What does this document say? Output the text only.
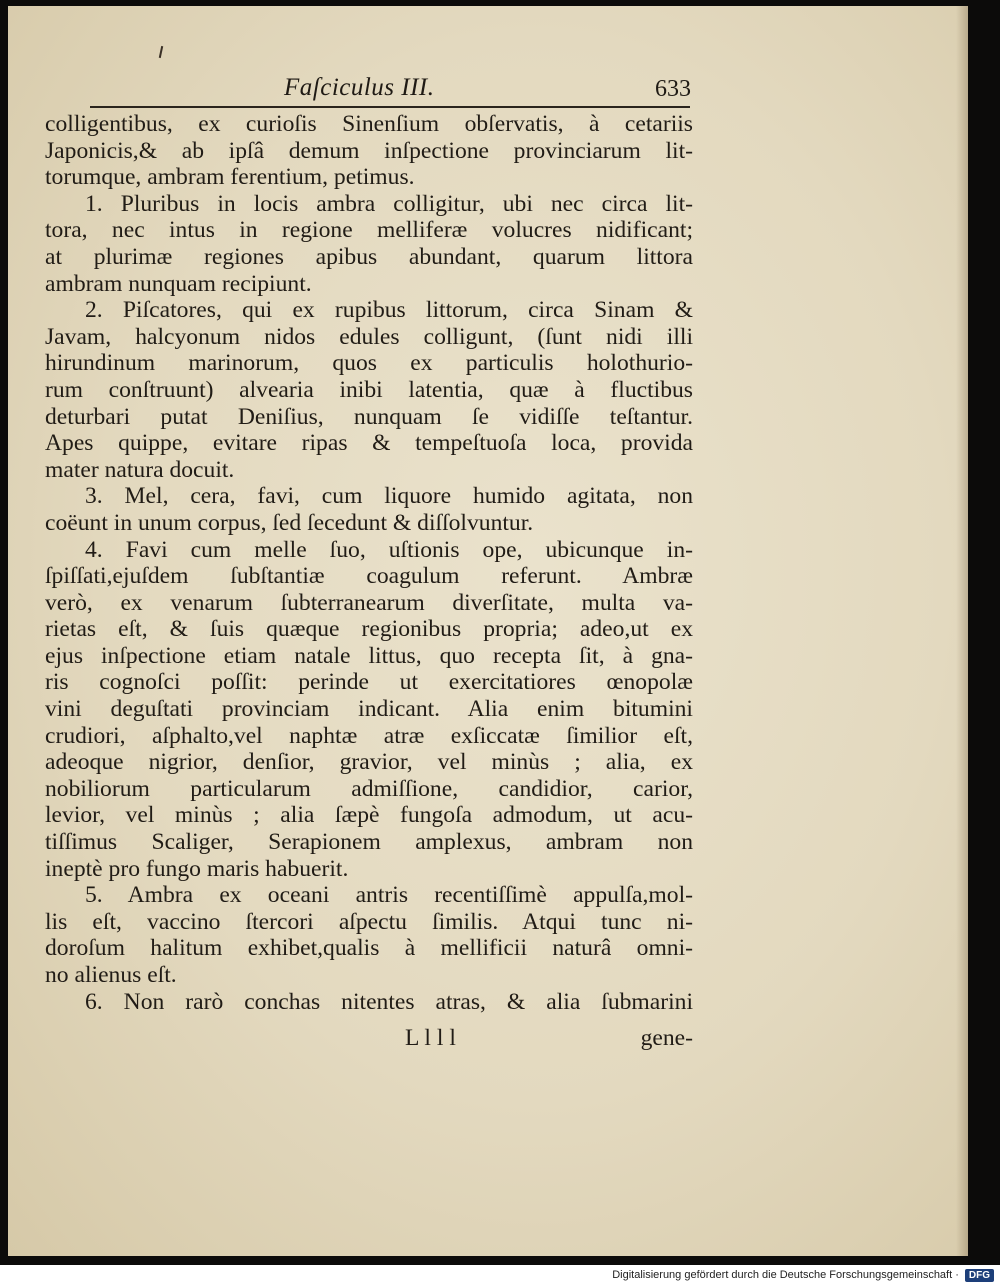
Faſciculus III.	633
colligentibus, ex curioſis Sinenſium obſervatis, à cetariis
Japonicis,& ab ipſâ demum inſpectione provinciarum lit-
torumque, ambram ferentium, petimus.
1. Pluribus in locis ambra colligitur, ubi nec circa lit-
tora, nec intus in regione melliferæ volucres nidificant;
at plurimæ regiones apibus abundant, quarum littora
ambram nunquam recipiunt.
2. Piſcatores, qui ex rupibus littorum, circa Sinam &
Javam, halcyonum nidos edules colligunt, (ſunt nidi illi
hirundinum marinorum, quos ex particulis holothurio-
rum conſtruunt) alvearia inibi latentia, quæ à fluctibus
deturbari putat Deniſius, nunquam ſe vidiſſe teſtantur.
Apes quippe, evitare ripas & tempeſtuoſa loca, provida
mater natura docuit.
3. Mel, cera, favi, cum liquore humido agitata, non
coëunt in unum corpus, ſed ſecedunt & diſſolvuntur.
4. Favi cum melle ſuo, uſtionis ope, ubicunque in-
ſpiſſati,ejuſdem ſubſtantiæ coagulum referunt. Ambræ
verò, ex venarum ſubterranearum diverſitate, multa va-
rietas eſt, & ſuis quæque regionibus propria; adeo,ut ex
ejus inſpectione etiam natale littus, quo recepta ſit, à gna-
ris cognoſci poſſit: perinde ut exercitatiores œnopolæ
vini deguſtati provinciam indicant. Alia enim bitumini
crudiori, aſphalto,vel naphtæ atræ exſiccatæ ſimilior eſt,
adeoque nigrior, denſior, gravior, vel minùs ; alia, ex
nobiliorum particularum admiſſione, candidior, carior,
levior, vel minùs ; alia ſæpè fungoſa admodum, ut acu-
tiſſimus Scaliger, Serapionem amplexus, ambram non
ineptè pro fungo maris habuerit.
5. Ambra ex oceani antris recentiſſimè appulſa,mol-
lis eſt, vaccino ſtercori aſpectu ſimilis. Atqui tunc ni-
doroſum halitum exhibet,qualis à mellificii naturâ omni-
no alienus eſt.
6. Non rarò conchas nitentes atras, & alia ſubmarini
L l l l	gene-
Digitalisierung gefördert durch die Deutsche Forschungsgemeinschaft ·	DFG
